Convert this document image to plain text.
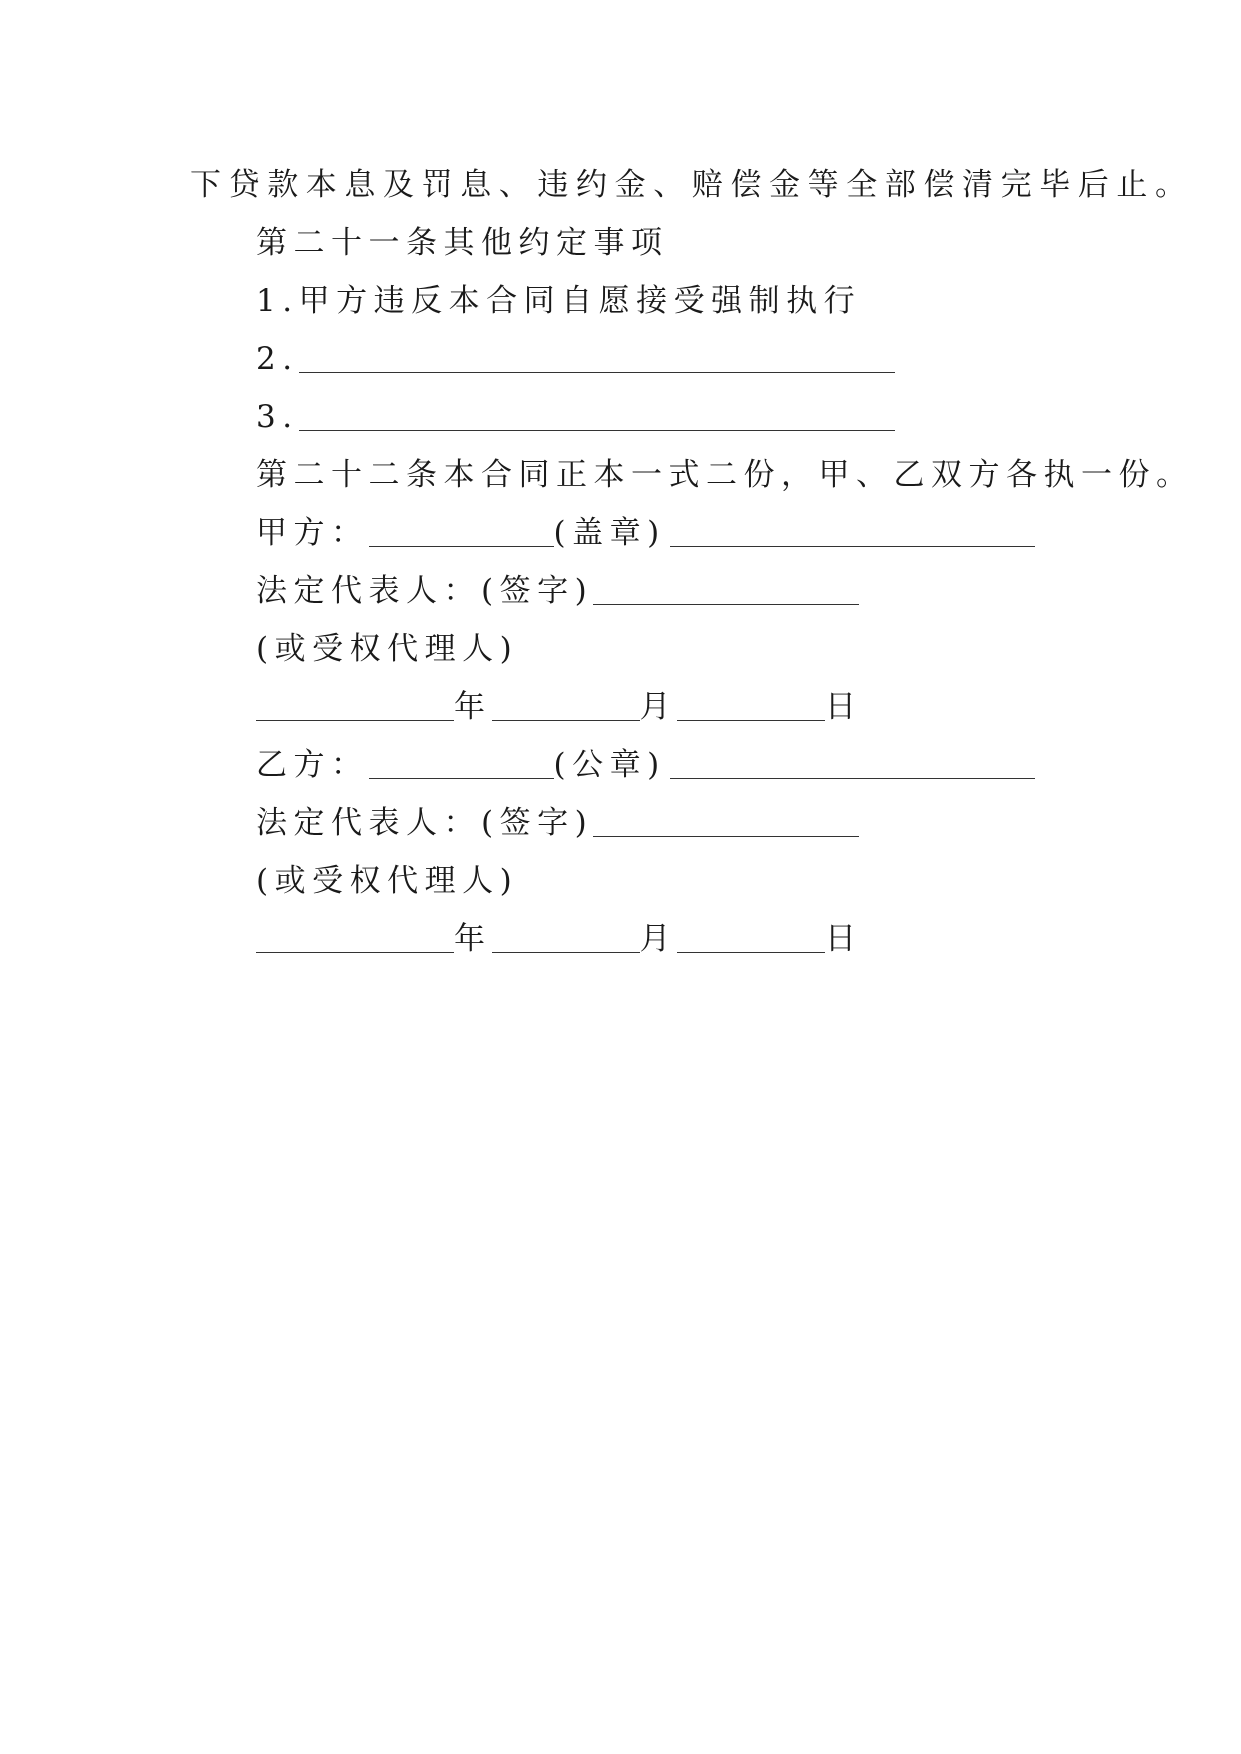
下贷款本息及罚息、违约金、赔偿金等全部偿清完毕后止。
第二十一条其他约定事项
1.甲方违反本合同自愿接受强制执行
2.
3.
第二十二条本合同正本一式二份，甲、乙双方各执一份。
甲方：	(盖章)
法定代表人：(签字)
(或受权代理人)
年	月	日
乙方：	(公章)
法定代表人：(签字)
(或受权代理人)
年	月	日
